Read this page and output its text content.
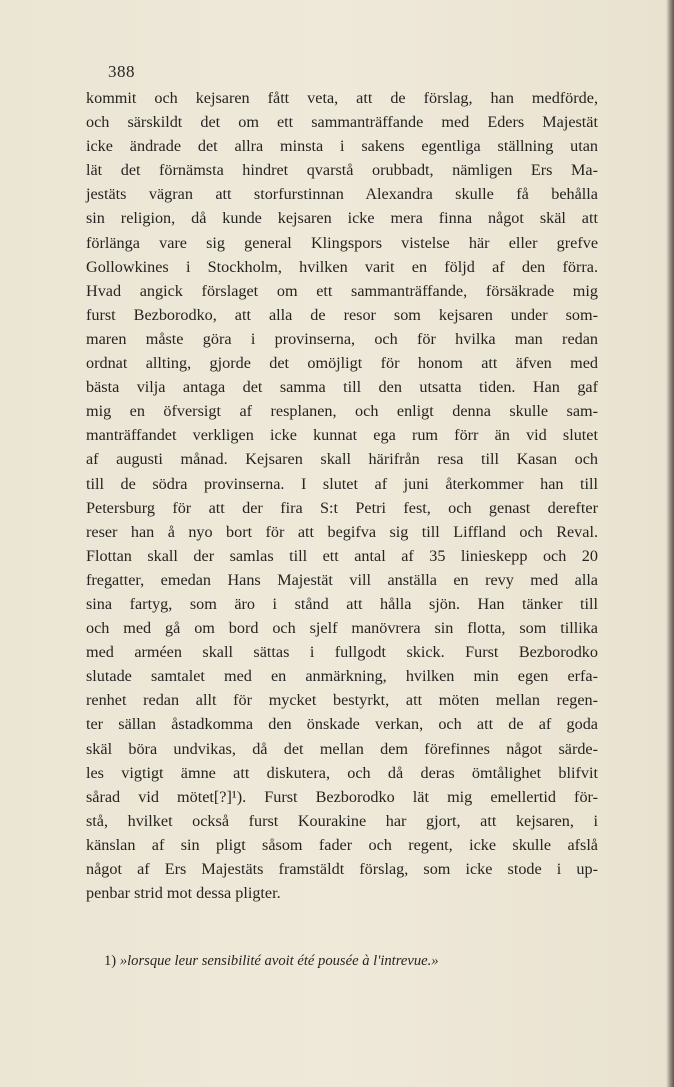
388
kommit och kejsaren fått veta, att de förslag, han medförde,
och särskildt det om ett sammanträffande med Eders Majestät
icke ändrade det allra minsta i sakens egentliga ställning utan
lät det förnämsta hindret qvarstå orubbadt, nämligen Ers Ma-
jestäts vägran att storfurstinnan Alexandra skulle få behålla
sin religion, då kunde kejsaren icke mera finna något skäl att
förlänga vare sig general Klingspors vistelse här eller grefve
Gollowkines i Stockholm, hvilken varit en följd af den förra.
Hvad angick förslaget om ett sammanträffande, försäkrade mig
furst Bezborodko, att alla de resor som kejsaren under som-
maren måste göra i provinserna, och för hvilka man redan
ordnat allting, gjorde det omöjligt för honom att äfven med
bästa vilja antaga det samma till den utsatta tiden. Han gaf
mig en öfversigt af resplanen, och enligt denna skulle sam-
manträffandet verkligen icke kunnat ega rum förr än vid slutet
af augusti månad. Kejsaren skall härifrån resa till Kasan och
till de södra provinserna. I slutet af juni återkommer han till
Petersburg för att der fira S:t Petri fest, och genast derefter
reser han å nyo bort för att begifva sig till Liffland och Reval.
Flottan skall der samlas till ett antal af 35 linieskepp och 20
fregatter, emedan Hans Majestät vill anställa en revy med alla
sina fartyg, som äro i stånd att hålla sjön. Han tänker till
och med gå om bord och sjelf manövrera sin flotta, som tillika
med arméen skall sättas i fullgodt skick. Furst Bezborodko
slutade samtalet med en anmärkning, hvilken min egen erfa-
renhet redan allt för mycket bestyrkt, att möten mellan regen-
ter sällan åstadkomma den önskade verkan, och att de af goda
skäl böra undvikas, då det mellan dem förefinnes något särde-
les vigtigt ämne att diskutera, och då deras ömtålighet blifvit
sårad vid mötet[?]¹). Furst Bezborodko lät mig emellertid för-
stå, hvilket också furst Kourakine har gjort, att kejsaren, i
känslan af sin pligt såsom fader och regent, icke skulle afslå
något af Ers Majestäts framstäldt förslag, som icke stode i up-
penbar strid mot dessa pligter.
1) »lorsque leur sensibilité avoit été pousée à l'intrevue.»
